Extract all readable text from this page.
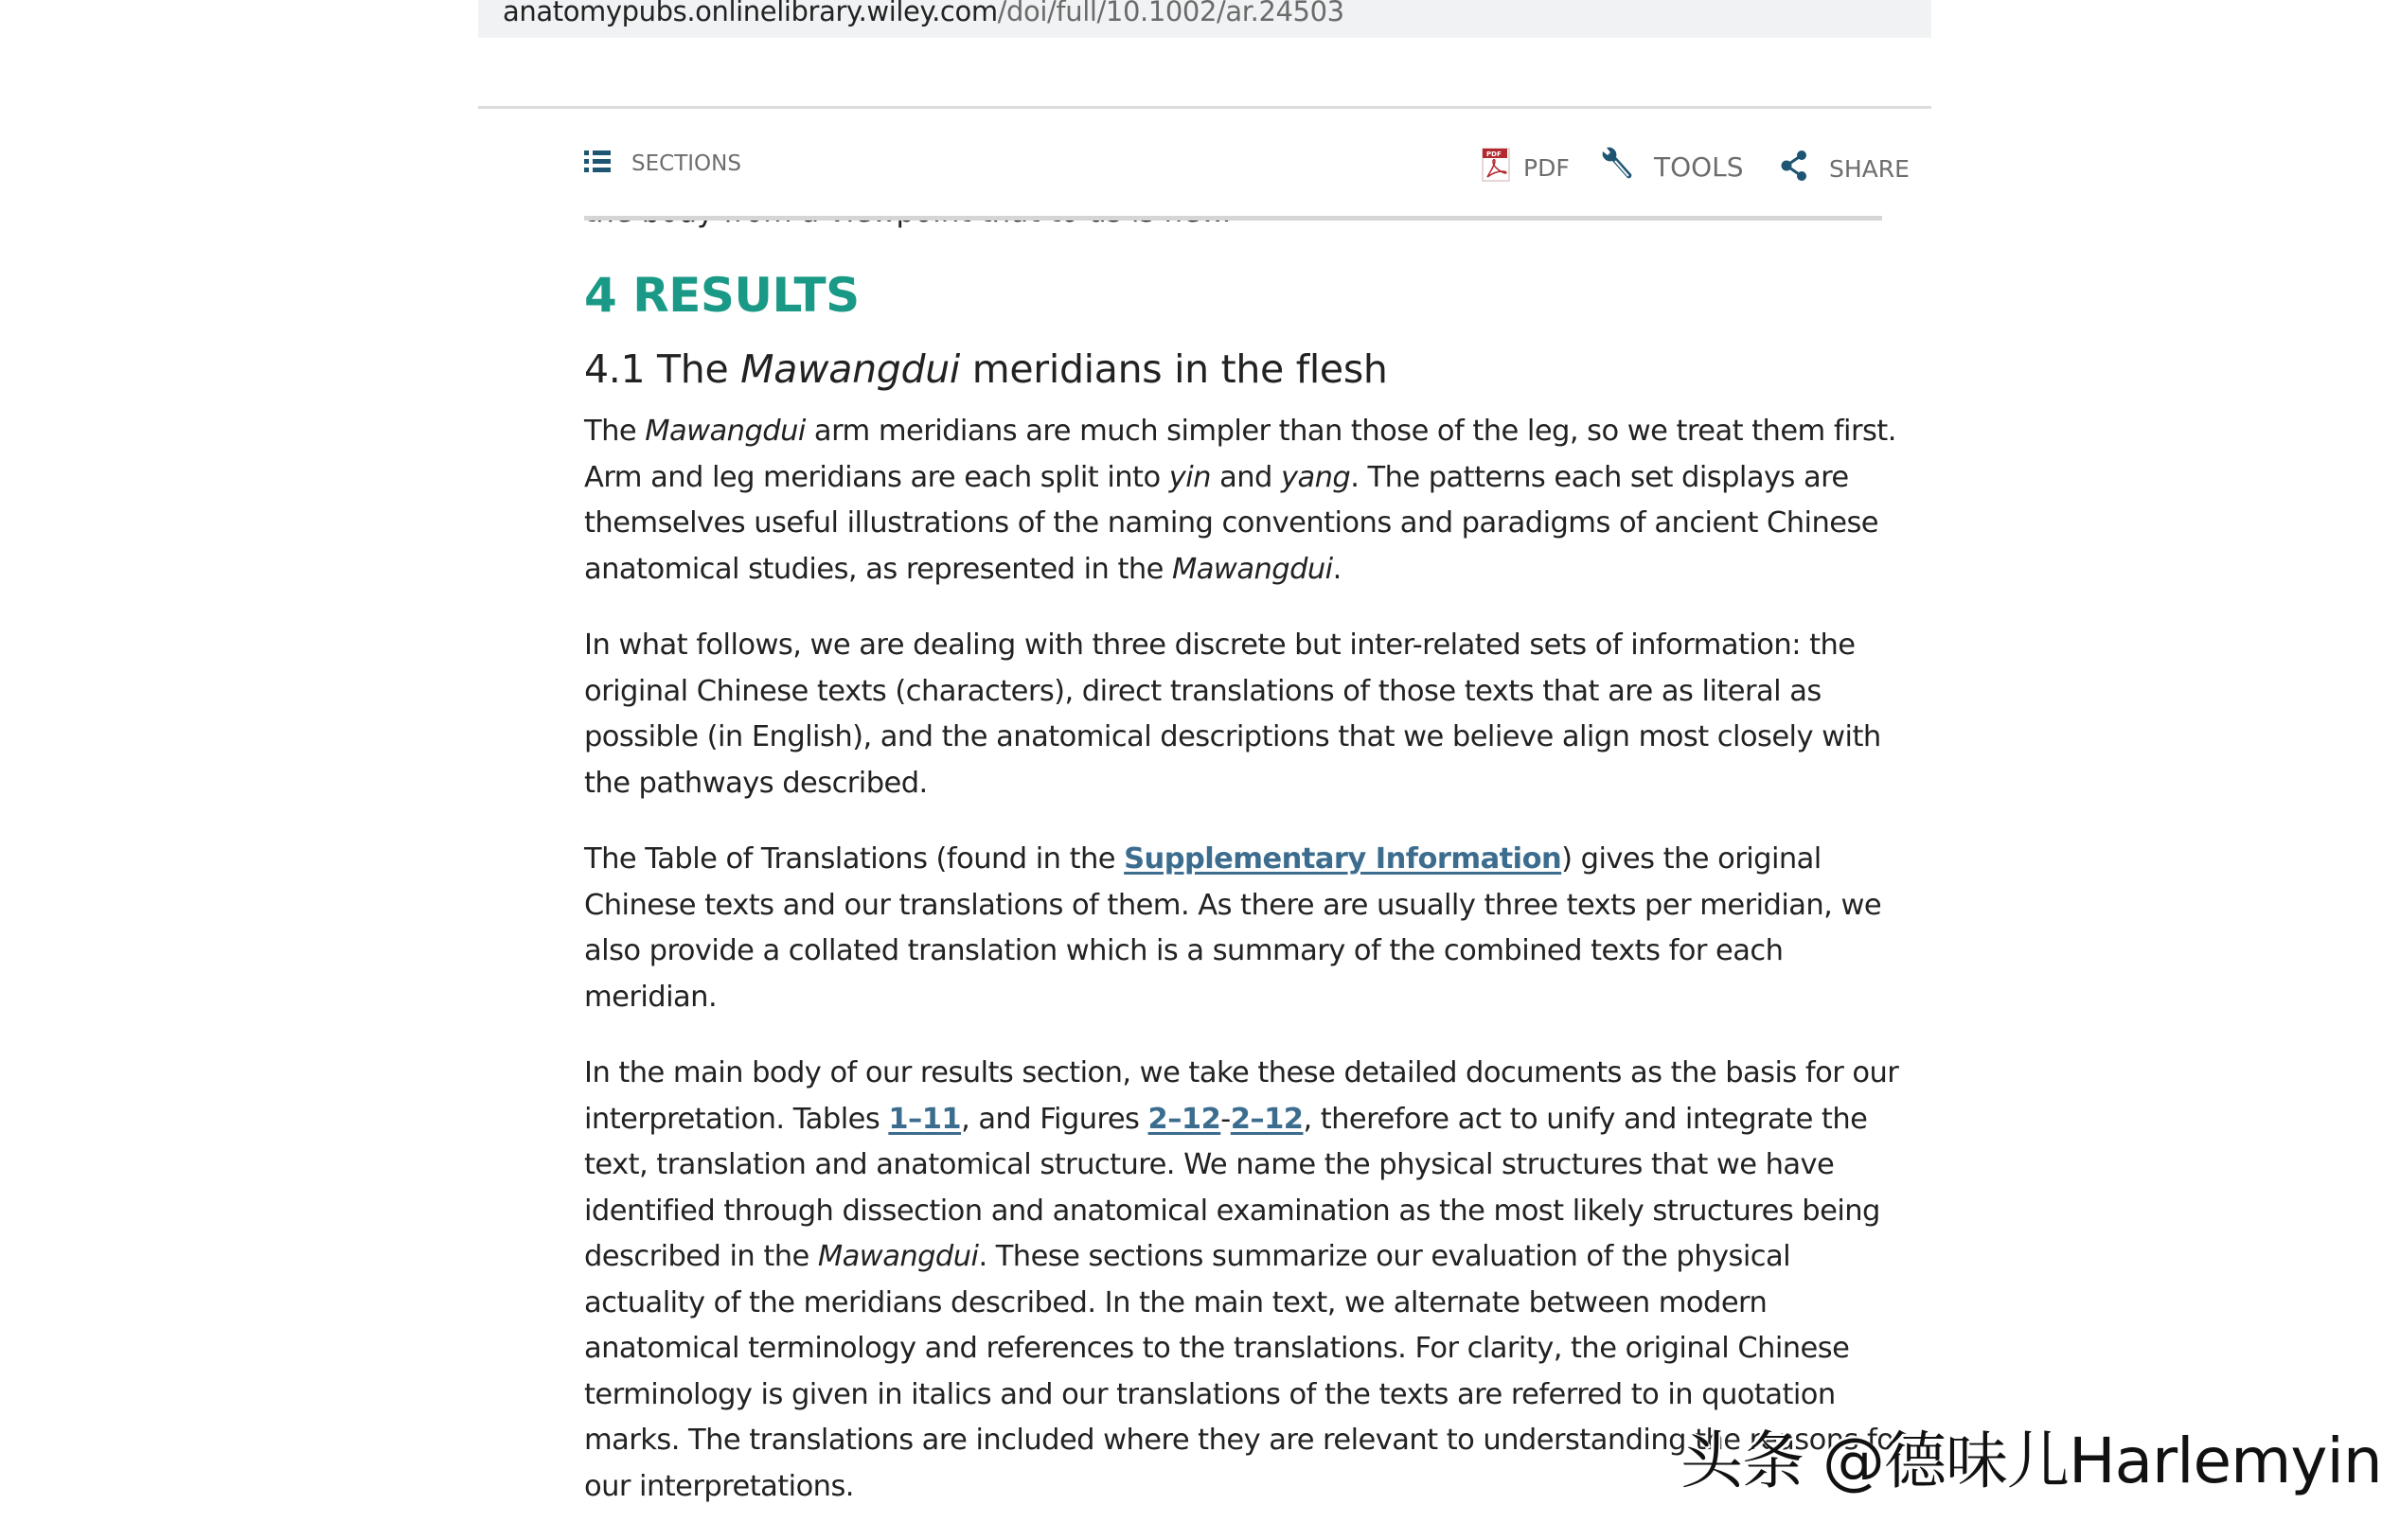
anatomypubs.onlinelibrary.wiley.com/doi/full/10.1002/ar.24503
SECTIONS	PDF PDF	TOOLS	SHARE
4 RESULTS
4.1 The Mawangdui meridians in the flesh

The Mawangdui arm meridians are much simpler than those of the leg, so we treat them first. Arm and leg meridians are each split into yin and yang. The patterns each set displays are themselves useful illustrations of the naming conventions and paradigms of ancient Chinese anatomical studies, as represented in the Mawangdui.

In what follows, we are dealing with three discrete but inter-related sets of information: the original Chinese texts (characters), direct translations of those texts that are as literal as possible (in English), and the anatomical descriptions that we believe align most closely with the pathways described.

The Table of Translations (found in the Supplementary Information) gives the original Chinese texts and our translations of them. As there are usually three texts per meridian, we also provide a collated translation which is a summary of the combined texts for each meridian.

In the main body of our results section, we take these detailed documents as the basis for our interpretation. Tables 1–11, and Figures 2–12-2–12, therefore act to unify and integrate the text, translation and anatomical structure. We name the physical structures that we have identified through dissection and anatomical examination as the most likely structures being described in the Mawangdui. These sections summarize our evaluation of the physical actuality of the meridians described. In the main text, we alternate between modern anatomical terminology and references to the translations. For clarity, the original Chinese terminology is given in italics and our translations of the texts are referred to in quotation marks. The translations are included where they are relevant to understanding the reasons for our interpretations.	头条 @德味儿Harlemyin
